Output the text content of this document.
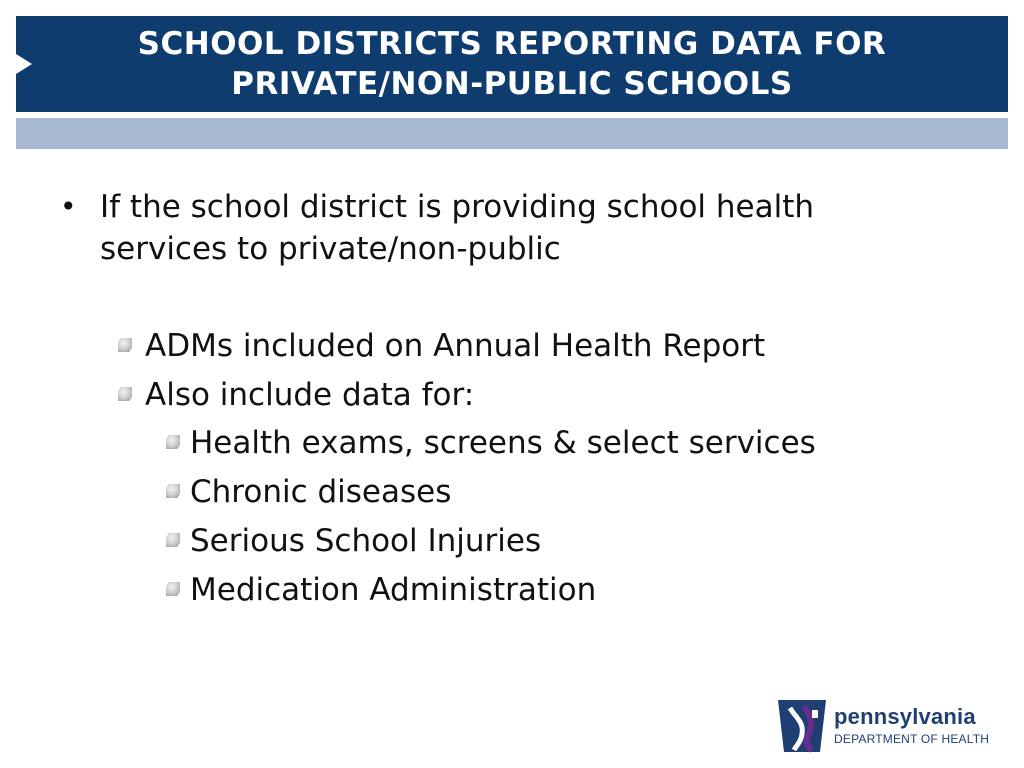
SCHOOL DISTRICTS REPORTING DATA FOR
PRIVATE/NON-PUBLIC SCHOOLS
• If the school district is providing school health
services to private/non-public
ADMs included on Annual Health Report
Also include data for:
Health exams, screens & select services
Chronic diseases
Serious School Injuries
Medication Administration
pennsylvania
DEPARTMENT OF HEALTH
